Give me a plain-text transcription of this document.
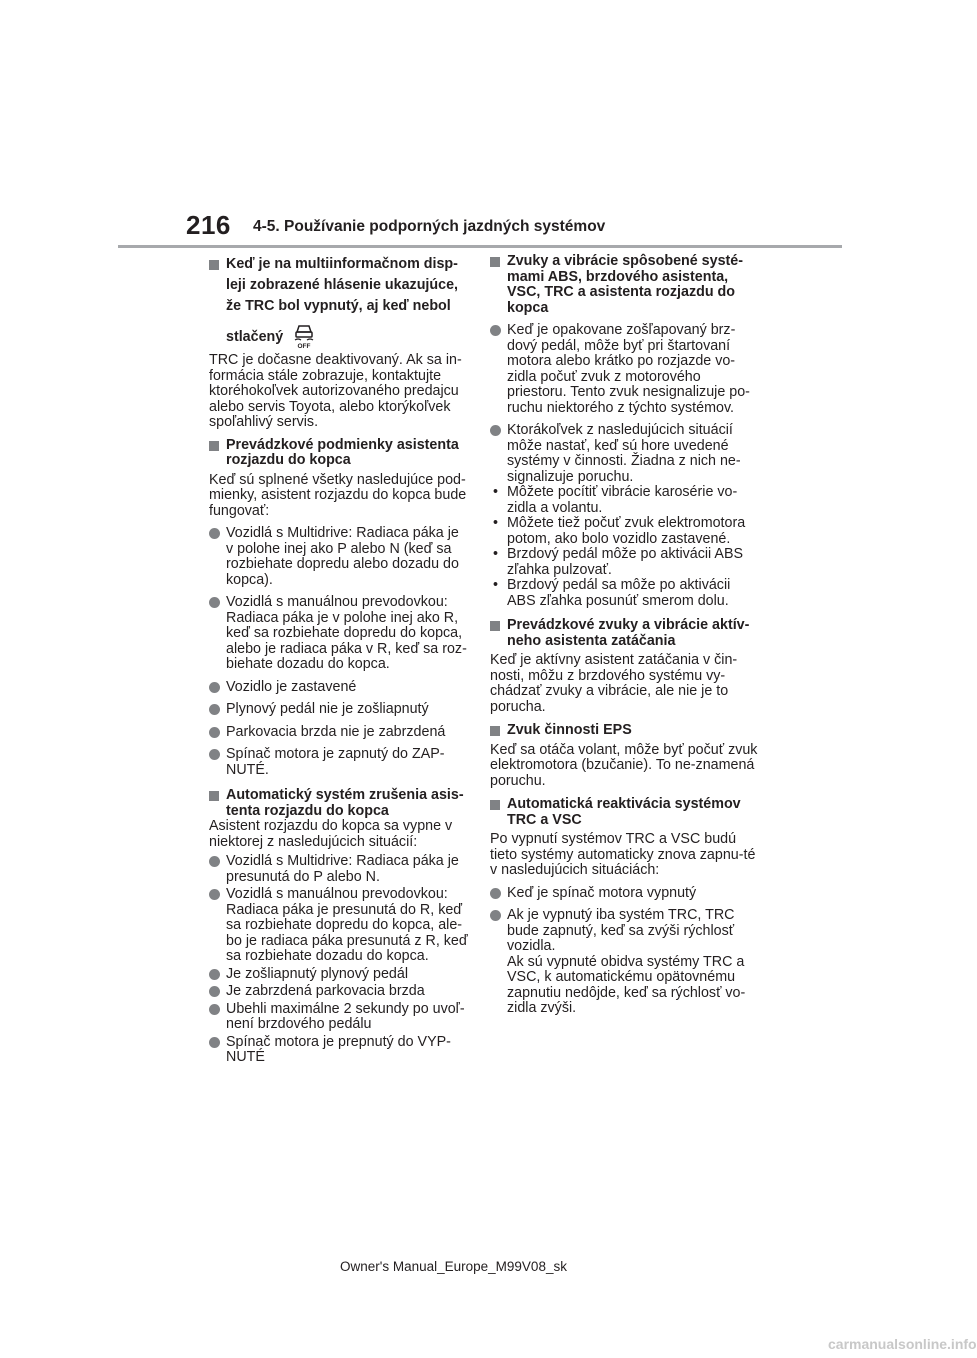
216 4-5. Používanie podporných jazdných systémov
Keď je na multiinformačnom disp-
leji zobrazené hlásenie ukazujúce,
že TRC bol vypnutý, aj keď nebol
stlačený
OFF
TRC je dočasne deaktivovaný. Ak sa in-formácia stále zobrazuje, kontaktujte ktoréhokoľvek autorizovaného predajcu alebo servis Toyota, alebo ktorýkoľvek spoľahlivý servis.
Prevádzkové podmienky asistenta rozjazdu do kopca
Keď sú splnené všetky nasledujúce pod-mienky, asistent rozjazdu do kopca bude fungovať:
Vozidlá s Multidrive: Radiaca páka je v polohe inej ako P alebo N (keď sa rozbiehate dopredu alebo dozadu do kopca).
Vozidlá s manuálnou prevodovkou: Radiaca páka je v polohe inej ako R, keď sa rozbiehate dopredu do kopca, alebo je radiaca páka v R, keď sa roz-biehate dozadu do kopca.
Vozidlo je zastavené
Plynový pedál nie je zošliapnutý
Parkovacia brzda nie je zabrzdená
Spínač motora je zapnutý do ZAP-NUTÉ.
Automatický systém zrušenia asis-tenta rozjazdu do kopca
Asistent rozjazdu do kopca sa vypne v niektorej z nasledujúcich situácií:
Vozidlá s Multidrive: Radiaca páka je presunutá do P alebo N.
Vozidlá s manuálnou prevodovkou: Radiaca páka je presunutá do R, keď sa rozbiehate dopredu do kopca, ale-bo je radiaca páka presunutá z R, keď sa rozbiehate dozadu do kopca.
Je zošliapnutý plynový pedál
Je zabrzdená parkovacia brzda
Ubehli maximálne 2 sekundy po uvoľ-není brzdového pedálu
Spínač motora je prepnutý do VYP-NUTÉ
Zvuky a vibrácie spôsobené systé-mami ABS, brzdového asistenta, VSC, TRC a asistenta rozjazdu do kopca
Keď je opakovane zošľapovaný brz-dový pedál, môže byť pri štartovaní motora alebo krátko po rozjazde vo-zidla počuť zvuk z motorového priestoru. Tento zvuk nesignalizuje po-ruchu niektorého z týchto systémov.
Ktorákoľvek z nasledujúcich situácií môže nastať, keď sú hore uvedené systémy v činnosti. Žiadna z nich ne-signalizuje poruchu.
• Môžete pocítiť vibrácie karosérie vo-zidla a volantu.
• Môžete tiež počuť zvuk elektromotora potom, ako bolo vozidlo zastavené.
• Brzdový pedál môže po aktivácii ABS zľahka pulzovať.
• Brzdový pedál sa môže po aktivácii ABS zľahka posunúť smerom dolu.
Prevádzkové zvuky a vibrácie aktív-neho asistenta zatáčania
Keď je aktívny asistent zatáčania v čin-nosti, môžu z brzdového systému vy-chádzať zvuky a vibrácie, ale nie je to porucha.
Zvuk činnosti EPS
Keď sa otáča volant, môže byť počuť zvuk elektromotora (bzučanie). To ne-znamená poruchu.
Automatická reaktivácia systémov TRC a VSC
Po vypnutí systémov TRC a VSC budú tieto systémy automaticky znova zapnu-té v nasledujúcich situáciách:
Keď je spínač motora vypnutý
Ak je vypnutý iba systém TRC, TRC bude zapnutý, keď sa zvýši rýchlosť vozidla.
Ak sú vypnuté obidva systémy TRC a VSC, k automatickému opätovnému zapnutiu nedôjde, keď sa rýchlosť vo-zidla zvýši.
Owner's Manual_Europe_M99V08_sk
carmanualsonline.info
